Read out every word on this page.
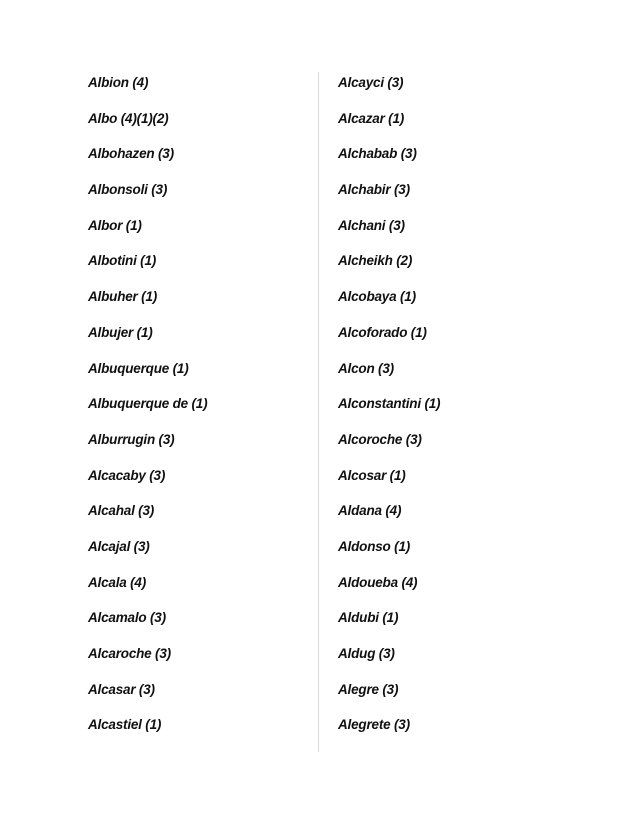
Albion (4)
Albo (4)(1)(2)
Albohazen (3)
Albonsoli (3)
Albor (1)
Albotini (1)
Albuher (1)
Albujer (1)
Albuquerque (1)
Albuquerque de (1)
Alburrugin (3)
Alcacaby (3)
Alcahal (3)
Alcajal (3)
Alcala (4)
Alcamalo (3)
Alcaroche (3)
Alcasar (3)
Alcastiel (1)
Alcayci (3)
Alcazar (1)
Alchabab (3)
Alchabir (3)
Alchani (3)
Alcheikh (2)
Alcobaya (1)
Alcoforado (1)
Alcon (3)
Alconstantini (1)
Alcoroche (3)
Alcosar (1)
Aldana (4)
Aldonso (1)
Aldoueba (4)
Aldubi (1)
Aldug (3)
Alegre (3)
Alegrete (3)
